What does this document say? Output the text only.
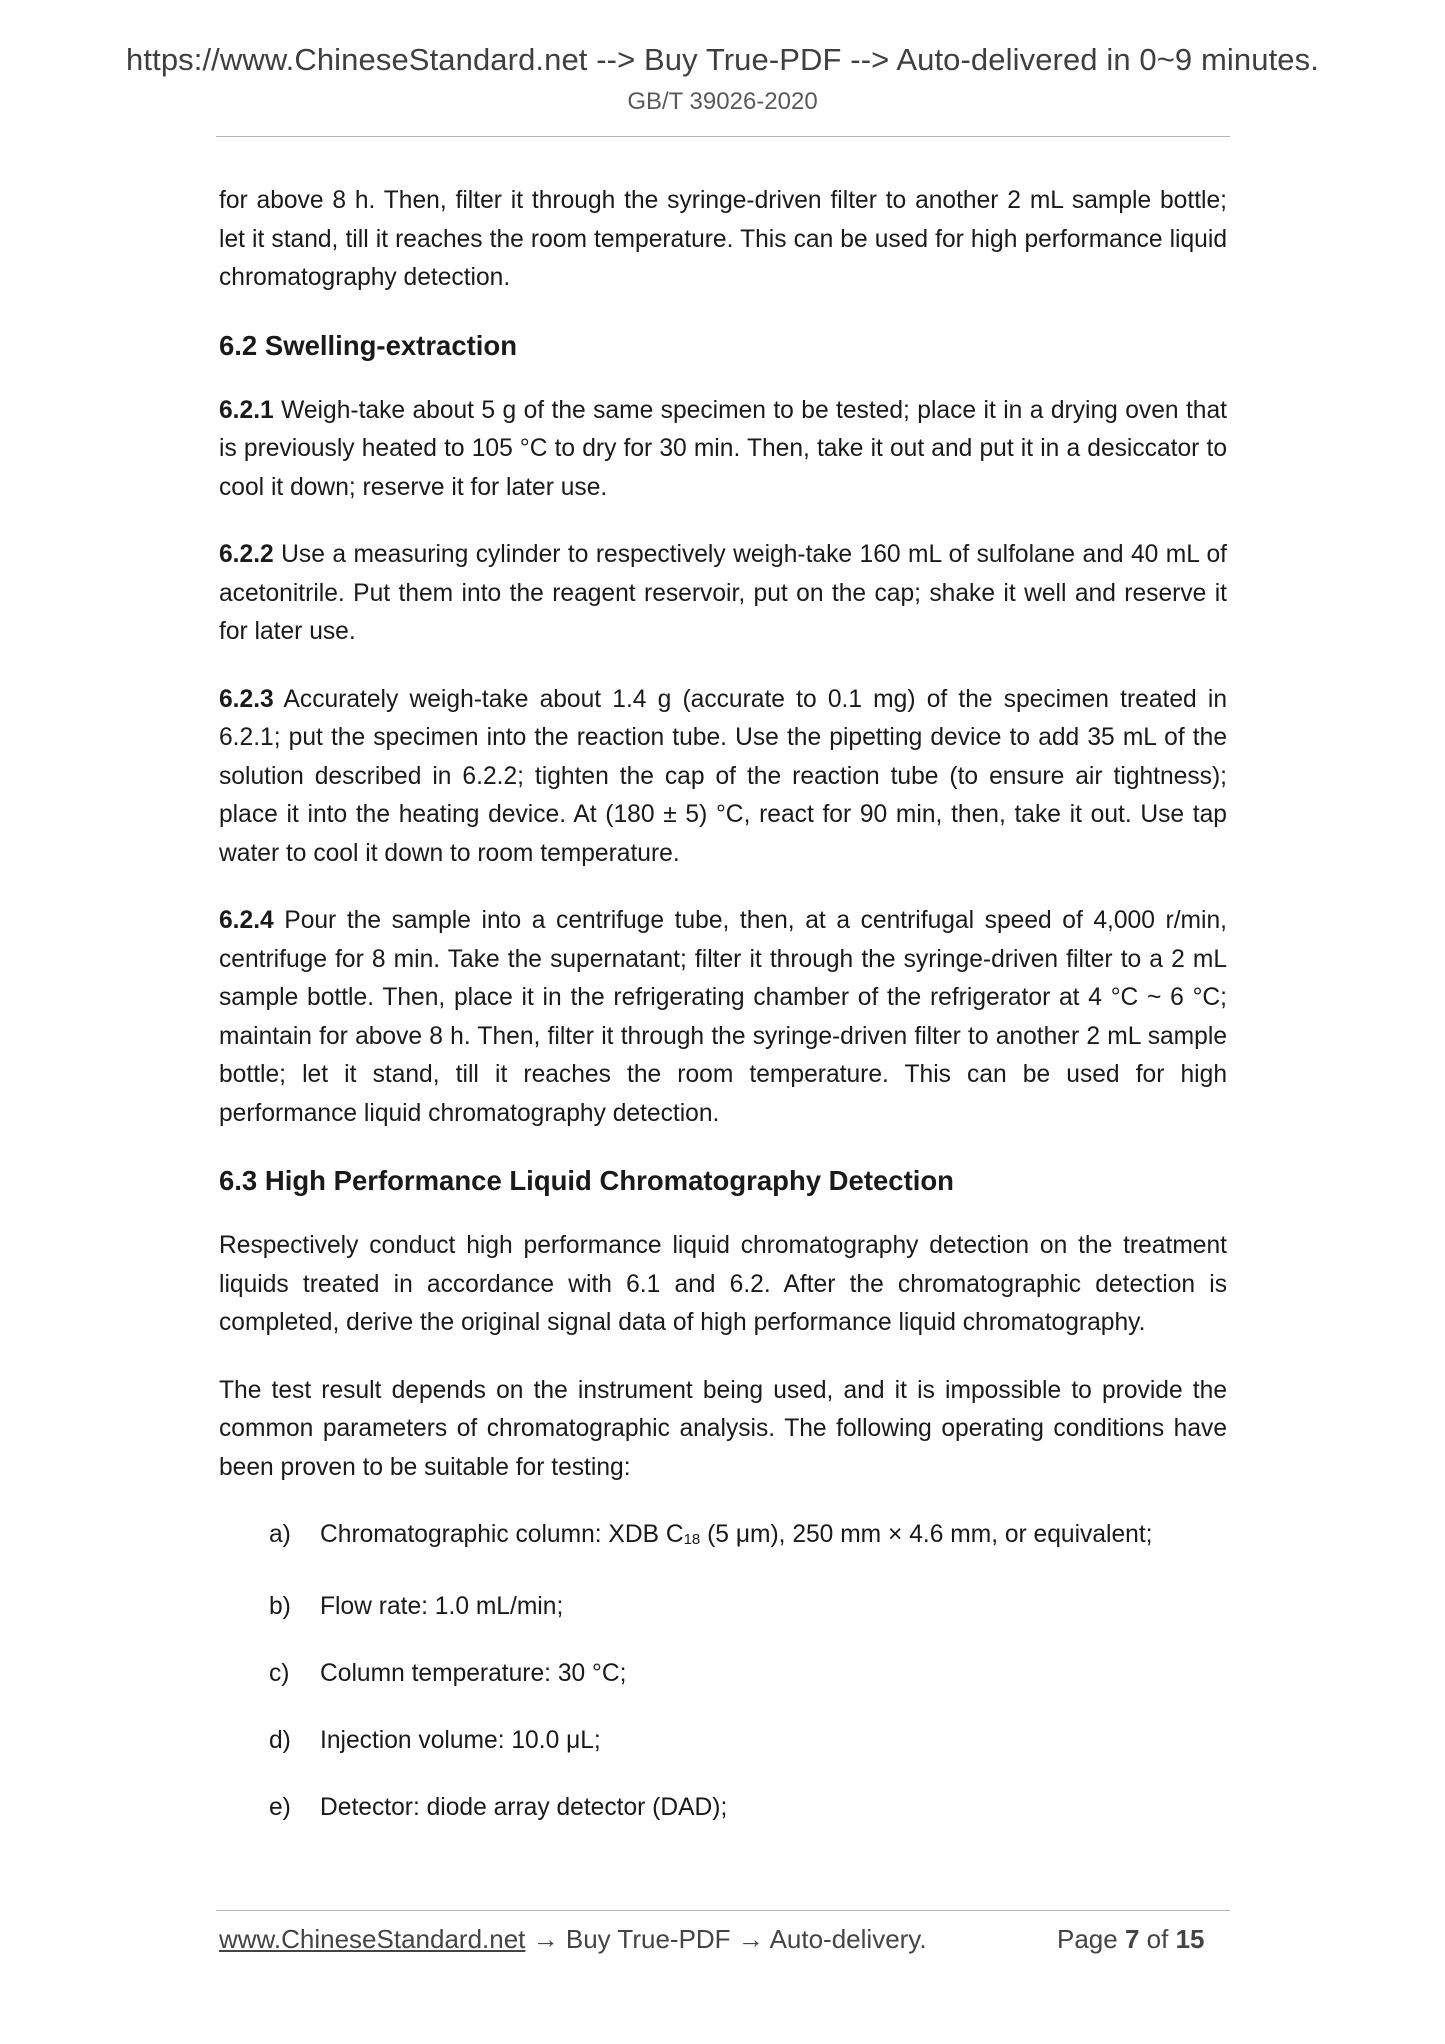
https://www.ChineseStandard.net --> Buy True-PDF --> Auto-delivered in 0~9 minutes.
GB/T 39026-2020

for above 8 h. Then, filter it through the syringe-driven filter to another 2 mL sample bottle; let it stand, till it reaches the room temperature. This can be used for high performance liquid chromatography detection.

6.2 Swelling-extraction

6.2.1 Weigh-take about 5 g of the same specimen to be tested; place it in a drying oven that is previously heated to 105 °C to dry for 30 min. Then, take it out and put it in a desiccator to cool it down; reserve it for later use.

6.2.2 Use a measuring cylinder to respectively weigh-take 160 mL of sulfolane and 40 mL of acetonitrile. Put them into the reagent reservoir, put on the cap; shake it well and reserve it for later use.

6.2.3 Accurately weigh-take about 1.4 g (accurate to 0.1 mg) of the specimen treated in 6.2.1; put the specimen into the reaction tube. Use the pipetting device to add 35 mL of the solution described in 6.2.2; tighten the cap of the reaction tube (to ensure air tightness); place it into the heating device. At (180 ± 5) °C, react for 90 min, then, take it out. Use tap water to cool it down to room temperature.

6.2.4 Pour the sample into a centrifuge tube, then, at a centrifugal speed of 4,000 r/min, centrifuge for 8 min. Take the supernatant; filter it through the syringe-driven filter to a 2 mL sample bottle. Then, place it in the refrigerating chamber of the refrigerator at 4 °C ~ 6 °C; maintain for above 8 h. Then, filter it through the syringe-driven filter to another 2 mL sample bottle; let it stand, till it reaches the room temperature. This can be used for high performance liquid chromatography detection.

6.3 High Performance Liquid Chromatography Detection

Respectively conduct high performance liquid chromatography detection on the treatment liquids treated in accordance with 6.1 and 6.2. After the chromatographic detection is completed, derive the original signal data of high performance liquid chromatography.

The test result depends on the instrument being used, and it is impossible to provide the common parameters of chromatographic analysis. The following operating conditions have been proven to be suitable for testing:

a) Chromatographic column: XDB $C_{18}$ (5 μm), 250 mm × 4.6 mm, or equivalent;
b) Flow rate: 1.0 mL/min;
c) Column temperature: 30 °C;
d) Injection volume: 10.0 μL;
e) Detector: diode array detector (DAD);
www.ChineseStandard.net → Buy True-PDF → Auto-delivery.	Page 7 of 15
